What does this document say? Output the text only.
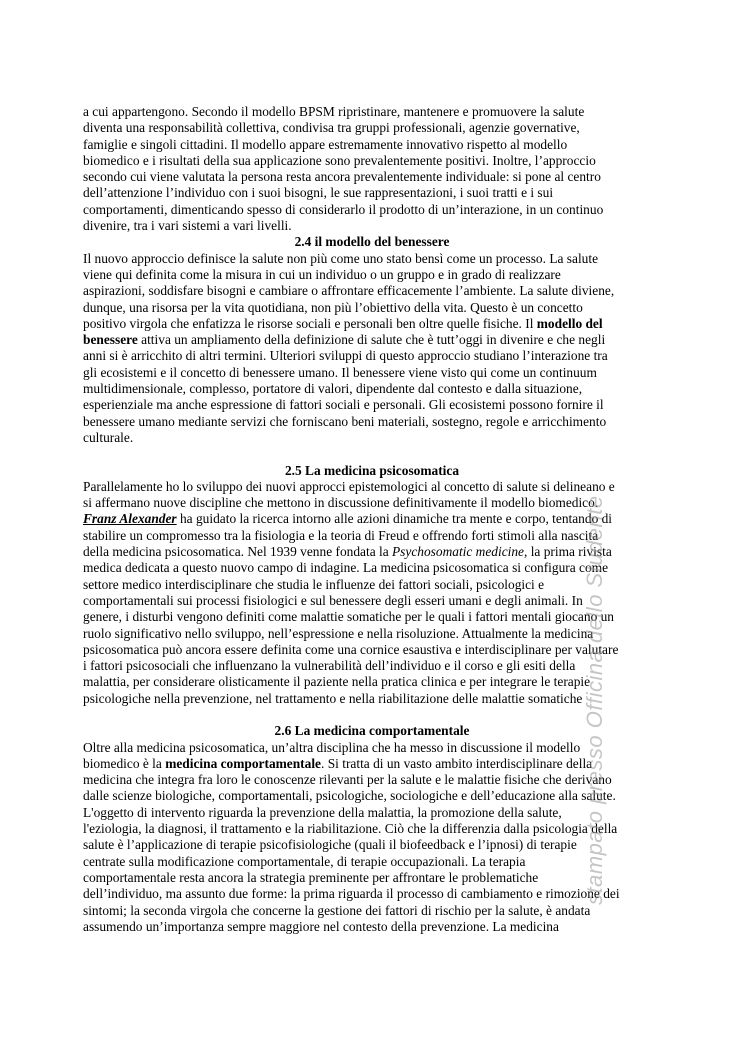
a cui appartengono. Secondo il modello BPSM ripristinare, mantenere e promuovere la salute
diventa una responsabilità collettiva, condivisa tra gruppi professionali, agenzie governative,
famiglie e singoli cittadini. Il modello appare estremamente innovativo rispetto al modello
biomedico e i risultati della sua applicazione sono prevalentemente positivi. Inoltre, l’approccio
secondo cui viene valutata la persona resta ancora prevalentemente individuale: si pone al centro
dell’attenzione l’individuo con i suoi bisogni, le sue rappresentazioni, i suoi tratti e i sui
comportamenti, dimenticando spesso di considerarlo il prodotto di un’interazione, in un continuo
divenire, tra i vari sistemi a vari livelli.
2.4 il modello del benessere
Il nuovo approccio definisce la salute non più come uno stato bensì come un processo. La salute
viene qui definita come la misura in cui un individuo o un gruppo e in grado di realizzare
aspirazioni, soddisfare bisogni e cambiare o affrontare efficacemente l’ambiente. La salute diviene,
dunque, una risorsa per la vita quotidiana, non più l’obiettivo della vita. Questo è un concetto
positivo virgola che enfatizza le risorse sociali e personali ben oltre quelle fisiche. Il modello del
benessere attiva un ampliamento della definizione di salute che è tutt’oggi in divenire e che negli
anni si è arricchito di altri termini. Ulteriori sviluppi di questo approccio studiano l’interazione tra
gli ecosistemi e il concetto di benessere umano. Il benessere viene visto qui come un continuum
multidimensionale, complesso, portatore di valori, dipendente dal contesto e dalla situazione,
esperienziale ma anche espressione di fattori sociali e personali. Gli ecosistemi possono fornire il
benessere umano mediante servizi che forniscano beni materiali, sostegno, regole e arricchimento
culturale.
2.5 La medicina psicosomatica
Parallelamente ho lo sviluppo dei nuovi approcci epistemologici al concetto di salute si delineano e
si affermano nuove discipline che mettono in discussione definitivamente il modello biomedico.
Franz Alexander ha guidato la ricerca intorno alle azioni dinamiche tra mente e corpo, tentando di
stabilire un compromesso tra la fisiologia e la teoria di Freud e offrendo forti stimoli alla nascita
della medicina psicosomatica. Nel 1939 venne fondata la Psychosomatic medicine, la prima rivista
medica dedicata a questo nuovo campo di indagine. La medicina psicosomatica si configura come
settore medico interdisciplinare che studia le influenze dei fattori sociali, psicologici e
comportamentali sui processi fisiologici e sul benessere degli esseri umani e degli animali. In
genere, i disturbi vengono definiti come malattie somatiche per le quali i fattori mentali giocano un
ruolo significativo nello sviluppo, nell’espressione e nella risoluzione. Attualmente la medicina
psicosomatica può ancora essere definita come una cornice esaustiva e interdisciplinare per valutare
i fattori psicosociali che influenzano la vulnerabilità dell’individuo e il corso e gli esiti della
malattia, per considerare olisticamente il paziente nella pratica clinica e per integrare le terapie
psicologiche nella prevenzione, nel trattamento e nella riabilitazione delle malattie somatiche
2.6 La medicina comportamentale
Oltre alla medicina psicosomatica, un’altra disciplina che ha messo in discussione il modello
biomedico è la medicina comportamentale. Si tratta di un vasto ambito interdisciplinare della
medicina che integra fra loro le conoscenze rilevanti per la salute e le malattie fisiche che derivano
dalle scienze biologiche, comportamentali, psicologiche, sociologiche e dell’educazione alla salute.
L'oggetto di intervento riguarda la prevenzione della malattia, la promozione della salute,
l'eziologia, la diagnosi, il trattamento e la riabilitazione. Ciò che la differenzia dalla psicologia della
salute è l’applicazione di terapie psicofisiologiche (quali il biofeedback e l’ipnosi) di terapie
centrate sulla modificazione comportamentale, di terapie occupazionali. La terapia
comportamentale resta ancora la strategia preminente per affrontare le problematiche
dell’individuo, ma assunto due forme: la prima riguarda il processo di cambiamento e rimozione dei
sintomi; la seconda virgola che concerne la gestione dei fattori di rischio per la salute, è andata
assumendo un’importanza sempre maggiore nel contesto della prevenzione. La medicina
stampato presso Officina dello Studente
